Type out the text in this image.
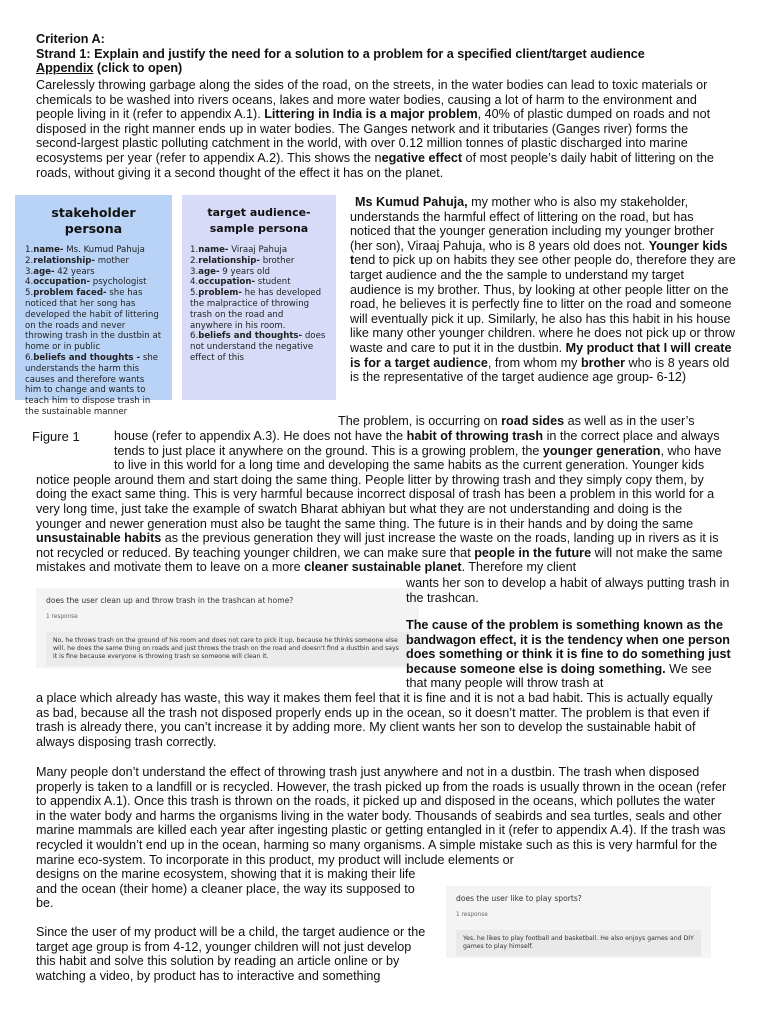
Criterion A:
Strand 1: Explain and justify the need for a solution to a problem for a specified client/target audience
Appendix (click to open)
Carelessly throwing garbage along the sides of the road, on the streets, in the water bodies can lead to toxic materials or chemicals to be washed into rivers oceans, lakes and more water bodies, causing a lot of harm to the environment and people living in it (refer to appendix A.1). Littering in India is a major problem, 40% of plastic dumped on roads and not disposed in the right manner ends up in water bodies. The Ganges network and it tributaries (Ganges river) forms the second-largest plastic polluting catchment in the world, with over 0.12 million tonnes of plastic discharged into marine ecosystems per year (refer to appendix A.2). This shows the negative effect of most people’s daily habit of littering on the roads, without giving it a second thought of the effect it has on the planet.
stakeholder persona
1.name- Ms. Kumud Pahuja
2.relationship- mother
3.age- 42 years
4.occupation- psychologist
5.problem faced- she has noticed that her song has developed the habit of littering on the roads and never throwing trash in the dustbin at home or in public
6.beliefs and thoughts - she understands the harm this causes and therefore wants him to change and wants to teach him to dispose trash in the sustainable manner
target audience- sample persona
1.name- Viraaj Pahuja
2.relationship- brother
3.age- 9 years old
4.occupation- student
5.problem- he has developed the malpractice of throwing trash on the road and anywhere in his room.
6.beliefs and thoughts- does not understand the negative effect of this
Ms Kumud Pahuja, my mother who is also my stakeholder, understands the harmful effect of littering on the road, but has noticed that the younger generation including my younger brother (her son), Viraaj Pahuja, who is 8 years old does not. Younger kids tend to pick up on habits they see other people do, therefore they are target audience and the the sample to understand my target audience is my brother. Thus, by looking at other people litter on the road, he believes it is perfectly fine to litter on the road and someone will eventually pick it up. Similarly, he also has this habit in his house like many other younger children. where he does not pick up or throw waste and care to put it in the dustbin. My product that I will create is for a target audience, from whom my brother who is 8 years old is the representative of the target audience age group- 6-12)
Figure 1
The problem, is occurring on road sides as well as in the user’s
house (refer to appendix A.3). He does not have the habit of throwing trash in the correct place and always tends to just place it anywhere on the ground. This is a growing problem, the younger generation, who have to live in this world for a long time and developing the same habits as the current generation. Younger kids notice people around them and start doing the same thing. People litter by throwing trash and they simply copy them, by doing the exact same thing. This is very harmful because incorrect disposal of trash has been a problem in this world for a very long time, just take the example of swatch Bharat abhiyan but what they are not understanding and doing is the younger and newer generation must also be taught the same thing. The future is in their hands and by doing the same unsustainable habits as the previous generation they will just increase the waste on the roads, landing up in rivers as it is not recycled or reduced. By teaching younger children, we can make sure that people in the future will not make the same mistakes and motivate them to leave on a more cleaner sustainable planet. Therefore my client
does the user clean up and throw trash in the trashcan at home?
1 response
No, he throws trash on the ground of his room and does not care to pick it up, because he thinks someone else will. he does the same thing on roads and just throws the trash on the road and doesn't find a dustbin and says it is fine because everyone is throwing trash so someone will clean it.
wants her son to develop a habit of always putting trash in the trashcan.
The cause of the problem is something known as the bandwagon effect, it is the tendency when one person does something or think it is fine to do something just because someone else is doing something. We see that many people will throw trash at
a place which already has waste, this way it makes them feel that it is fine and it is not a bad habit. This is actually equally as bad, because all the trash not disposed properly ends up in the ocean, so it doesn’t matter. The problem is that even if trash is already there, you can’t increase it by adding more. My client wants her son to develop the sustainable habit of always disposing trash correctly.
Many people don’t understand the effect of throwing trash just anywhere and not in a dustbin. The trash when disposed properly is taken to a landfill or is recycled. However, the trash picked up from the roads is usually thrown in the ocean (refer to appendix A.1). Once this trash is thrown on the roads, it picked up and disposed in the oceans, which pollutes the water in the water body and harms the organisms living in the water body. Thousands of seabirds and sea turtles, seals and other marine mammals are killed each year after ingesting plastic or getting entangled in it (refer to appendix A.4). If the trash was recycled it wouldn’t end up in the ocean, harming so many organisms. A simple mistake such as this is very harmful for the marine eco-system. To incorporate in this product, my product will include elements or
designs on the marine ecosystem, showing that it is making their life and the ocean (their home) a cleaner place, the way its supposed to be.	does the user like to play sports?
1 response
Yes, he likes to play football and basketball. He also enjoys games and DIY games to play himself.
Since the user of my product will be a child, the target audience or the target age group is from 4-12, younger children will not just develop this habit and solve this solution by reading an article online or by watching a video, by product has to interactive and something
